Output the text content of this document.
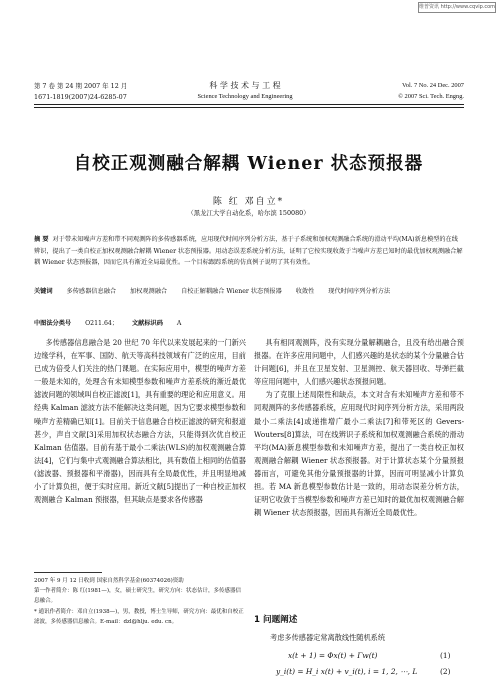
维普资讯 http://www.cqvip.com
第 7 卷 第 24 期 2007 年 12 月
1671-1819(2007)24-6285-07
科 学 技 术 与 工 程
Science Technology and Engineering
Vol. 7 No. 24 Dec. 2007
© 2007 Sci. Tech. Engng.
自校正观测融合解耦 Wiener 状态预报器
陈 红 邓自立*
（黑龙江大学自动化系，哈尔滨 150080）

摘 要 对于带未知噪声方差和带不同观测阵的多传感器系统，应用现代时间序列分析方法，基于子系统和加权观测融合系统的滑动平均(MA)新息模型的在线辨识，提出了一类自校正加权观测融合解耦 Wiener 状态预报器。用动态误差系统分析方法，证明了它按实现收敛于当噪声方差已知时的最优加权观测融合解耦 Wiener 状态预报器，因而它具有渐近全局最优性。一个目标跟踪系统的仿真例子说明了其有效性。

关键词 多传感器信息融合 加权观测融合 自校正解耦融合 Wiener 状态预报器 收敛性 现代时间序列分析方法
中图法分类号 O211.64； 文献标识码 A

多传感器信息融合是 20 世纪 70 年代以来发展起来的一门新兴边缘学科，在军事、国防、航天等高科技领域有广泛的应用，目前已成为倍受人们关注的热门课题。在实际应用中，模型的噪声方差一般是未知的，处理含有未知模型参数和噪声方差系统的渐近最优滤波问题的领域叫自校正滤波[1]，具有重要的理论和应用意义。用经典 Kalman 滤波方法不能解决这类问题，因为它要求模型参数和噪声方差精确已知[1]。目前关于信息融合自校正滤波的研究和报道甚少，声自文献[3]采用加权状态融合方法，只能得到次优自校正 Kalman 估值器。目前有基于最小二乘法(WLS)的加权观测融合算法[4]，它们与集中式观测融合算法相比，具有数值上相同的估值器(滤波器、预报器和平滑器)，因而具有全局最优性，并且明显地减小了计算负担，便于实时应用。新近文献[5]提出了一种自校正加权观测融合 Kalman 预报器，但其缺点是要求各传感器

具有相同观测阵，没有实现分量解耦融合，且没有给出融合预报器。在许多应用问题中，人们感兴趣的是状态的某个分量融合估计问题[6]，并且在卫星发射、卫星测控、航天器回收、导弹拦截等应用问题中，人们感兴趣状态预报问题。

为了克服上述局限性和缺点，本文对含有未知噪声方差和带不同观测阵的多传感器系统，应用现代时间序列分析方法，采用两段最小二乘法[4]或递推增广最小二乘法[7]和带死区的 Gevers-Wouters[8]算法，可在线辨识子系统和加权观测融合系统的滑动平均(MA)新息模型参数和未知噪声方差，提出了一类自校正加权观测融合解耦 Wiener 状态预报器。对于计算状态某个分量预报器而言，可避免其他分量预报器的计算，因而可明显减小计算负担。若 MA 新息模型参数估计是一致的，用动态误差分析方法，证明它收敛于当模型参数和噪声方差已知时的最优加权观测融合解耦 Wiener 状态预报器，因而具有渐近全局最优性。

2007 年 9 月 12 日收到 国家自然科学基金(60374026)资助

第一作者简介：陈 红(1981—)，女，硕士研究生，研究方向：状态估计，多传感器信息融合。

* 通讯作者简介：邓自立(1938—)，男，教授，博士生导师，研究方向：最优和自校正滤波，多传感器信息融合。E-mail：dzl@hlju. edu. cn。	1 问题阐述
考虑多传感器定常离散线性随机系统
x(t + 1) = Φx(t) + Γw(t)	(1)
y_i(t) = H_i x(t) + v_i(t), i = 1, 2, ⋯, L	(2)
